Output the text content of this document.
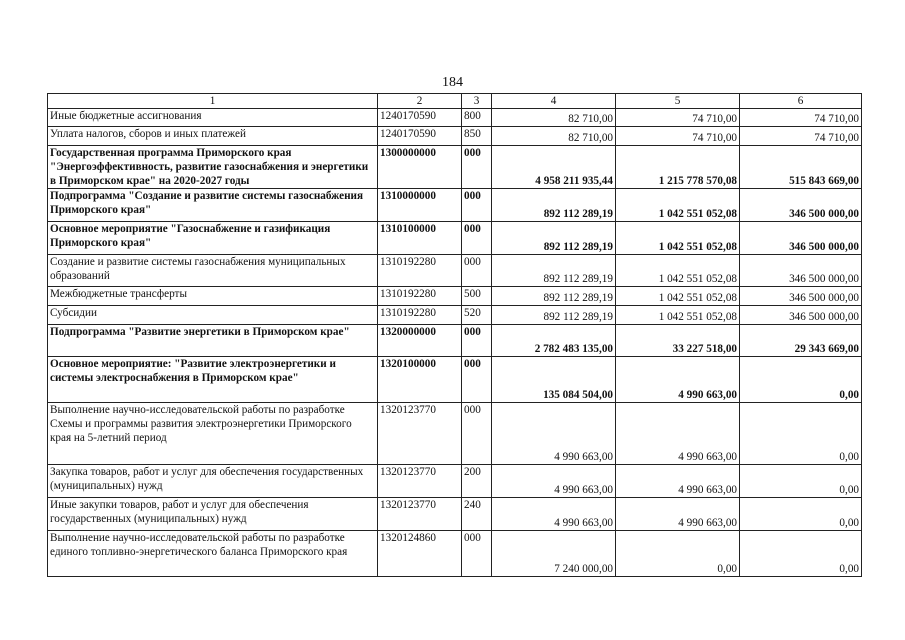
184
1	2	3	4	5	6
Иные бюджетные ассигнования	1240170590	800	82 710,00	74 710,00	74 710,00
Уплата налогов, сборов и иных платежей	1240170590	850	82 710,00	74 710,00	74 710,00
Государственная программа Приморского края "Энергоэффективность, развитие газоснабжения и энергетики в Приморском крае" на 2020-2027 годы	1300000000	000	4 958 211 935,44	1 215 778 570,08	515 843 669,00
Подпрограмма "Создание и развитие системы газоснабжения Приморского края"	1310000000	000	892 112 289,19	1 042 551 052,08	346 500 000,00
Основное мероприятие "Газоснабжение и газификация Приморского края"	1310100000	000	892 112 289,19	1 042 551 052,08	346 500 000,00
Создание и развитие системы газоснабжения муниципальных образований	1310192280	000	892 112 289,19	1 042 551 052,08	346 500 000,00
Межбюджетные трансферты	1310192280	500	892 112 289,19	1 042 551 052,08	346 500 000,00
Субсидии	1310192280	520	892 112 289,19	1 042 551 052,08	346 500 000,00
Подпрограмма "Развитие энергетики в Приморском крае"	1320000000	000	2 782 483 135,00	33 227 518,00	29 343 669,00
Основное мероприятие: "Развитие электроэнергетики и системы электроснабжения в Приморском крае"	1320100000	000	135 084 504,00	4 990 663,00	0,00
Выполнение научно-исследовательской работы по разработке Схемы и программы развития электроэнергетики Приморского края на 5-летний период	1320123770	000	4 990 663,00	4 990 663,00	0,00
Закупка товаров, работ и услуг для обеспечения государственных (муниципальных) нужд	1320123770	200	4 990 663,00	4 990 663,00	0,00
Иные закупки товаров, работ и услуг для обеспечения государственных (муниципальных) нужд	1320123770	240	4 990 663,00	4 990 663,00	0,00
Выполнение научно-исследовательской работы по разработке единого топливно-энергетического баланса Приморского края	1320124860	000	7 240 000,00	0,00	0,00
